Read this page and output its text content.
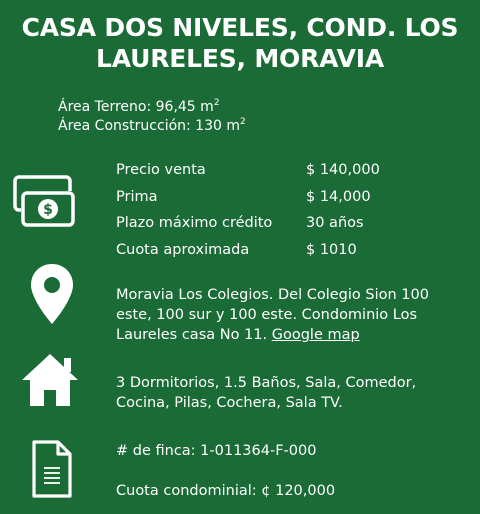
CASA DOS NIVELES, COND. LOS
LAURELES, MORAVIA
Área Terreno: 96,45 $m^2$
Área Construcción: 130 $m^2$
$
Precio venta	$ 140,000
Prima	$ 14,000
Plazo máximo crédito	30 años
Cuota aproximada	$ 1010
Moravia Los Colegios. Del Colegio Sion 100 este, 100 sur y 100 este. Condominio Los Laureles casa No 11. Google map
3 Dormitorios, 1.5 Baños, Sala, Comedor, Cocina, Pilas, Cochera, Sala TV.
# de finca: 1-011364-F-000
Cuota condominial: ¢ 120,000
